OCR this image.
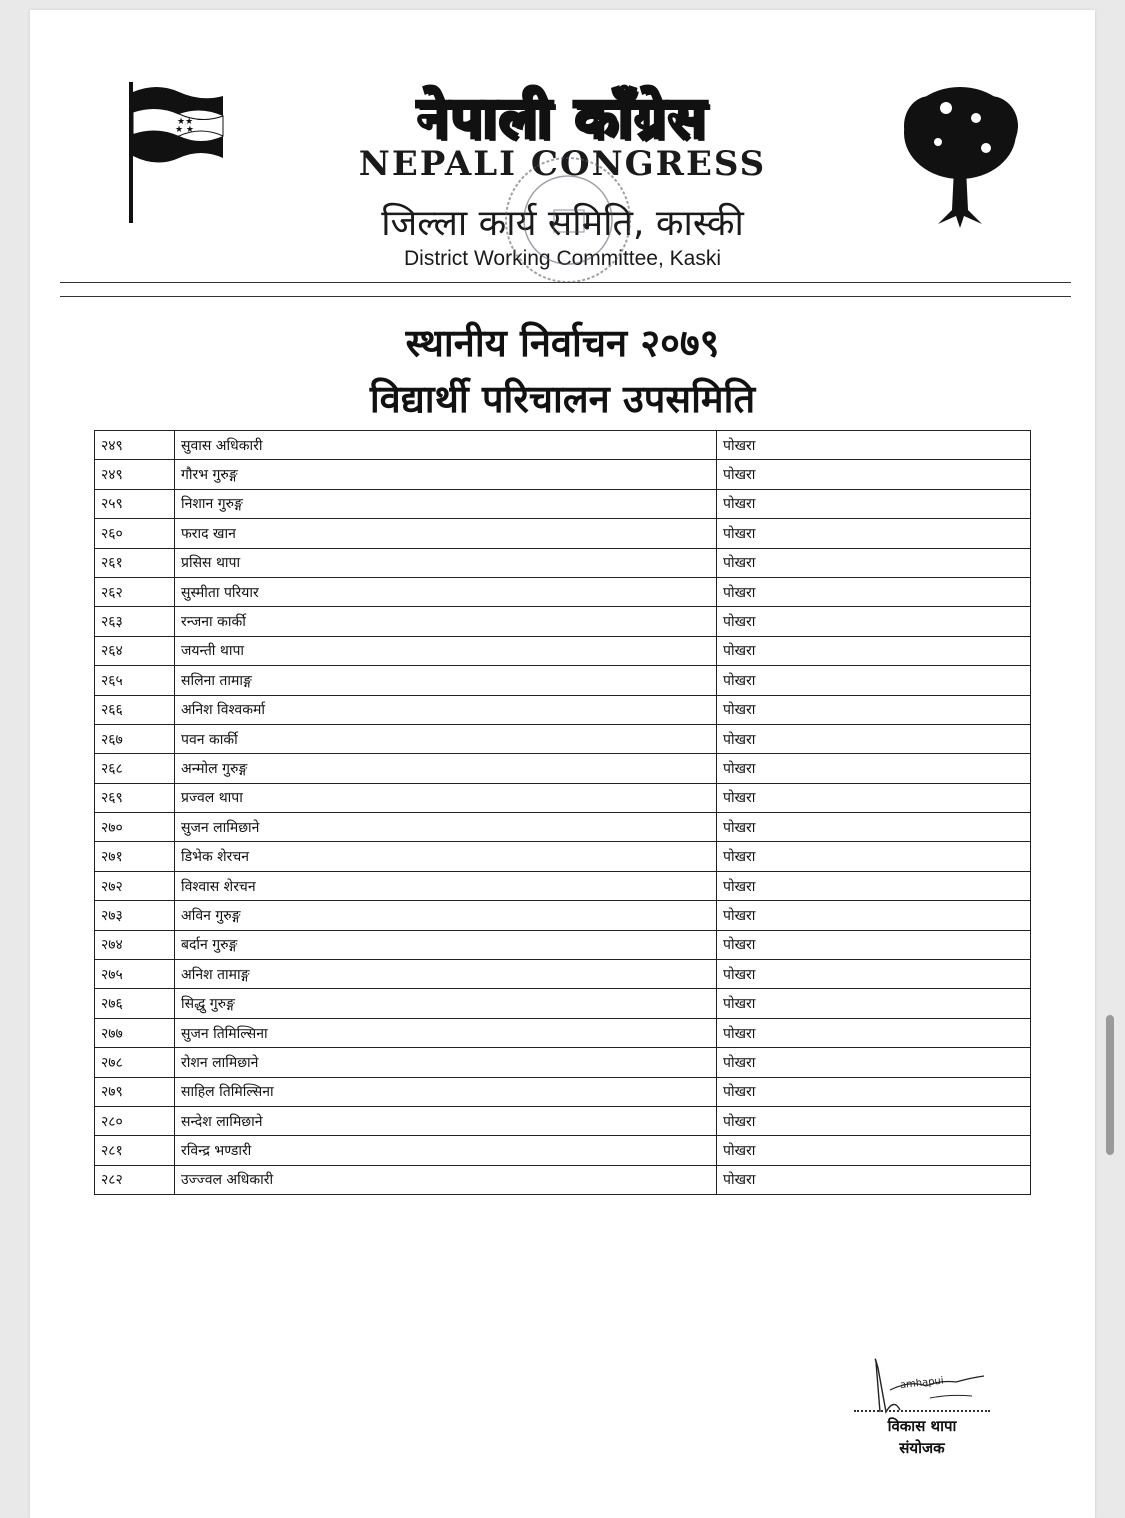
★ ★
★★	नेपाली काँग्रेस
NEPALI CONGRESS
जिल्ला कार्य समिति, कास्की
District Working Committee, Kaski
स्थानीय निर्वाचन २०७९
विद्यार्थी परिचालन उपसमिति
२४९	सुवास अधिकारी	पोखरा
२४९	गौरभ गुरुङ्ग	पोखरा
२५९	निशान गुरुङ्ग	पोखरा
२६०	फराद खान	पोखरा
२६१	प्रसिस थापा	पोखरा
२६२	सुस्मीता परियार	पोखरा
२६३	रन्जना कार्की	पोखरा
२६४	जयन्ती थापा	पोखरा
२६५	सलिना तामाङ्ग	पोखरा
२६६	अनिश विश्वकर्मा	पोखरा
२६७	पवन कार्की	पोखरा
२६८	अन्मोल गुरुङ्ग	पोखरा
२६९	प्रज्वल थापा	पोखरा
२७०	सुजन लामिछाने	पोखरा
२७१	डिभेक शेरचन	पोखरा
२७२	विश्वास शेरचन	पोखरा
२७३	अविन गुरुङ्ग	पोखरा
२७४	बर्दान गुरुङ्ग	पोखरा
२७५	अनिश तामाङ्ग	पोखरा
२७६	सिद्धु गुरुङ्ग	पोखरा
२७७	सुजन तिमिल्सिना	पोखरा
२७८	रोशन लामिछाने	पोखरा
२७९	साहिल तिमिल्सिना	पोखरा
२८०	सन्देश लामिछाने	पोखरा
२८१	रविन्द्र भण्डारी	पोखरा
२८२	उज्ज्वल अधिकारी	पोखरा
amhapui
विकास थापा
संयोजक
